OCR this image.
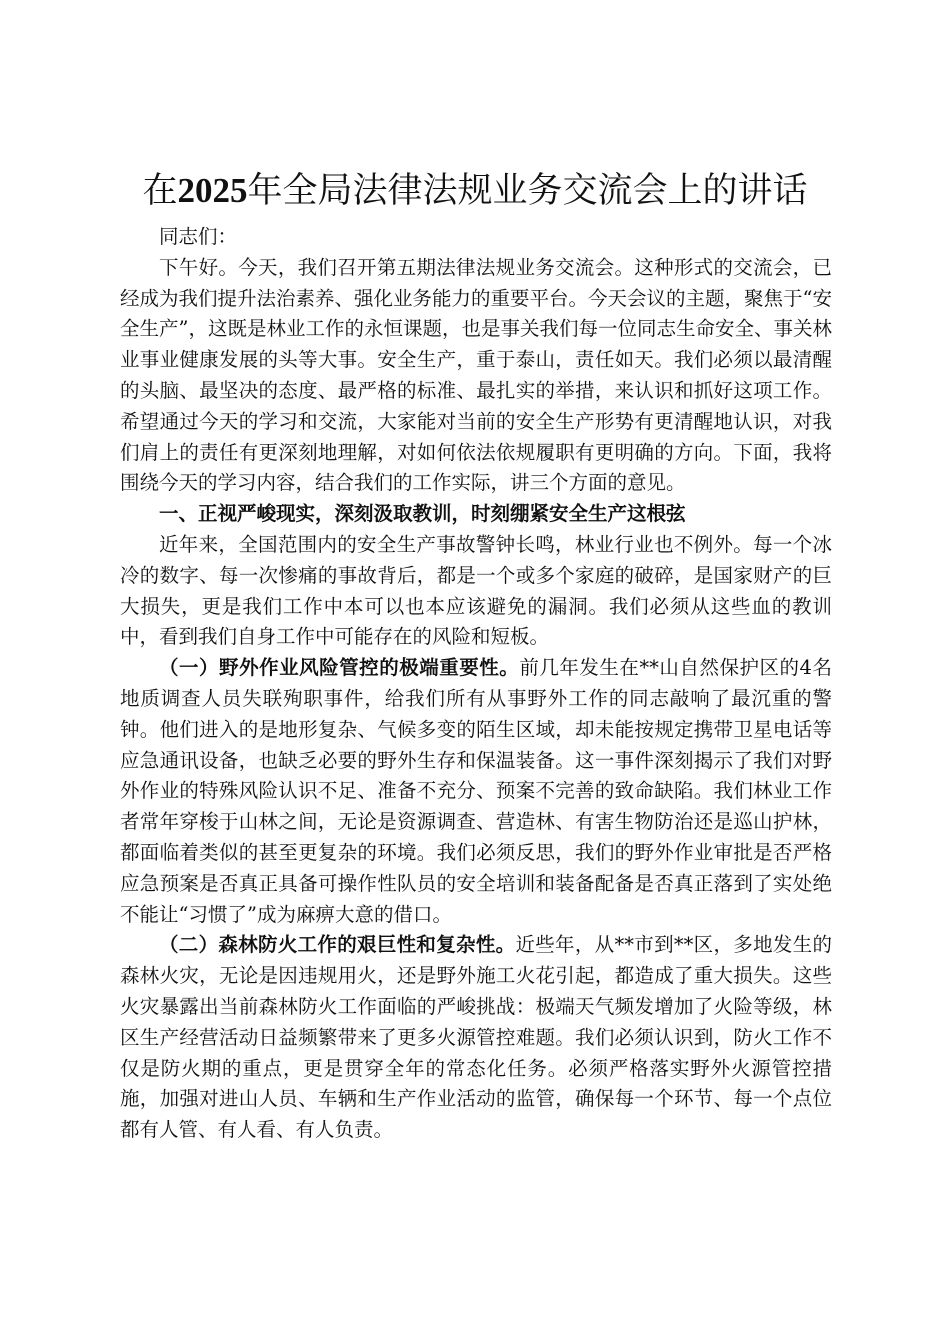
在2025年全局法律法规业务交流会上的讲话

同志们：

下午好。今天，我们召开第五期法律法规业务交流会。这种形式的交流会，已经成为我们提升法治素养、强化业务能力的重要平台。今天会议的主题，聚焦于“安全生产”，这既是林业工作的永恒课题，也是事关我们每一位同志生命安全、事关林业事业健康发展的头等大事。安全生产，重于泰山，责任如天。我们必须以最清醒的头脑、最坚决的态度、最严格的标准、最扎实的举措，来认识和抓好这项工作。希望通过今天的学习和交流，大家能对当前的安全生产形势有更清醒地认识，对我们肩上的责任有更深刻地理解，对如何依法依规履职有更明确的方向。下面，我将围绕今天的学习内容，结合我们的工作实际，讲三个方面的意见。

一、正视严峻现实，深刻汲取教训，时刻绷紧安全生产这根弦

近年来，全国范围内的安全生产事故警钟长鸣，林业行业也不例外。每一个冰冷的数字、每一次惨痛的事故背后，都是一个或多个家庭的破碎，是国家财产的巨大损失，更是我们工作中本可以也本应该避免的漏洞。我们必须从这些血的教训中，看到我们自身工作中可能存在的风险和短板。

（一）野外作业风险管控的极端重要性。前几年发生在**山自然保护区的4名地质调查人员失联殉职事件，给我们所有从事野外工作的同志敲响了最沉重的警钟。他们进入的是地形复杂、气候多变的陌生区域，却未能按规定携带卫星电话等应急通讯设备，也缺乏必要的野外生存和保温装备。这一事件深刻揭示了我们对野外作业的特殊风险认识不足、准备不充分、预案不完善的致命缺陷。我们林业工作者常年穿梭于山林之间，无论是资源调查、营造林、有害生物防治还是巡山护林，都面临着类似的甚至更复杂的环境。我们必须反思，我们的野外作业审批是否严格应急预案是否真正具备可操作性队员的安全培训和装备配备是否真正落到了实处绝不能让“习惯了”成为麻痹大意的借口。

（二）森林防火工作的艰巨性和复杂性。近些年，从**市到**区，多地发生的森林火灾，无论是因违规用火，还是野外施工火花引起，都造成了重大损失。这些火灾暴露出当前森林防火工作面临的严峻挑战：极端天气频发增加了火险等级，林区生产经营活动日益频繁带来了更多火源管控难题。我们必须认识到，防火工作不仅是防火期的重点，更是贯穿全年的常态化任务。必须严格落实野外火源管控措施，加强对进山人员、车辆和生产作业活动的监管，确保每一个环节、每一个点位都有人管、有人看、有人负责。
